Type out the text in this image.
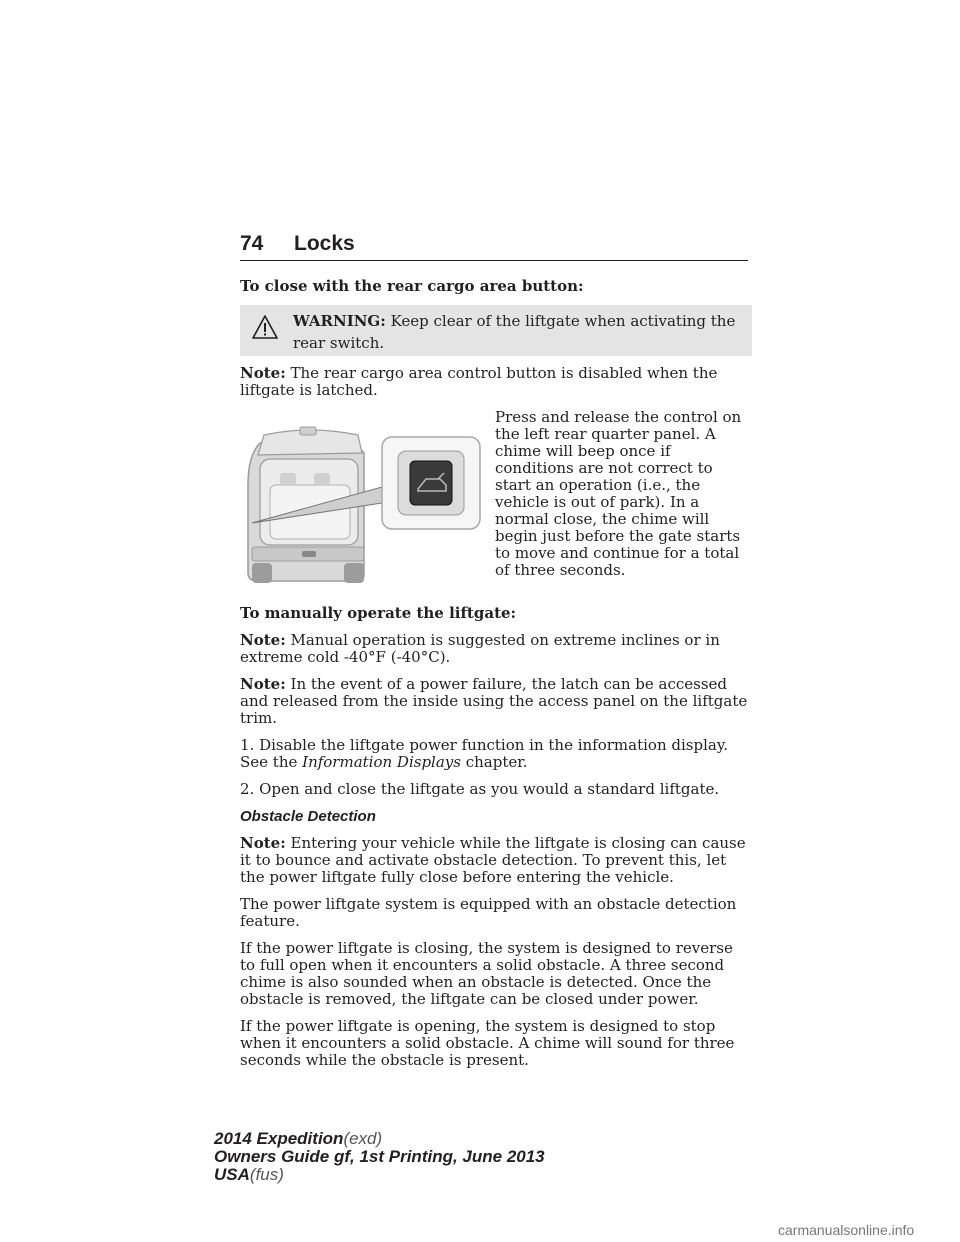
74 Locks

To close with the rear cargo area button:

WARNING: Keep clear of the liftgate when activating the rear switch.

Note: The rear cargo area control button is disabled when the liftgate is latched.

Press and release the control on the left rear quarter panel. A chime will beep once if conditions are not correct to start an operation (i.e., the vehicle is out of park). In a normal close, the chime will begin just before the gate starts to move and continue for a total of three seconds.

To manually operate the liftgate:

Note: Manual operation is suggested on extreme inclines or in extreme cold -40°F (-40°C).

Note: In the event of a power failure, the latch can be accessed and released from the inside using the access panel on the liftgate trim.

1. Disable the liftgate power function in the information display. See the Information Displays chapter.

2. Open and close the liftgate as you would a standard liftgate.

Obstacle Detection

Note: Entering your vehicle while the liftgate is closing can cause it to bounce and activate obstacle detection. To prevent this, let the power liftgate fully close before entering the vehicle.

The power liftgate system is equipped with an obstacle detection feature.

If the power liftgate is closing, the system is designed to reverse to full open when it encounters a solid obstacle. A three second chime is also sounded when an obstacle is detected. Once the obstacle is removed, the liftgate can be closed under power.

If the power liftgate is opening, the system is designed to stop when it encounters a solid obstacle. A chime will sound for three seconds while the obstacle is present.

2014 Expedition(exd)
Owners Guide gf, 1st Printing, June 2013
USA(fus)
carmanualsonline.info
